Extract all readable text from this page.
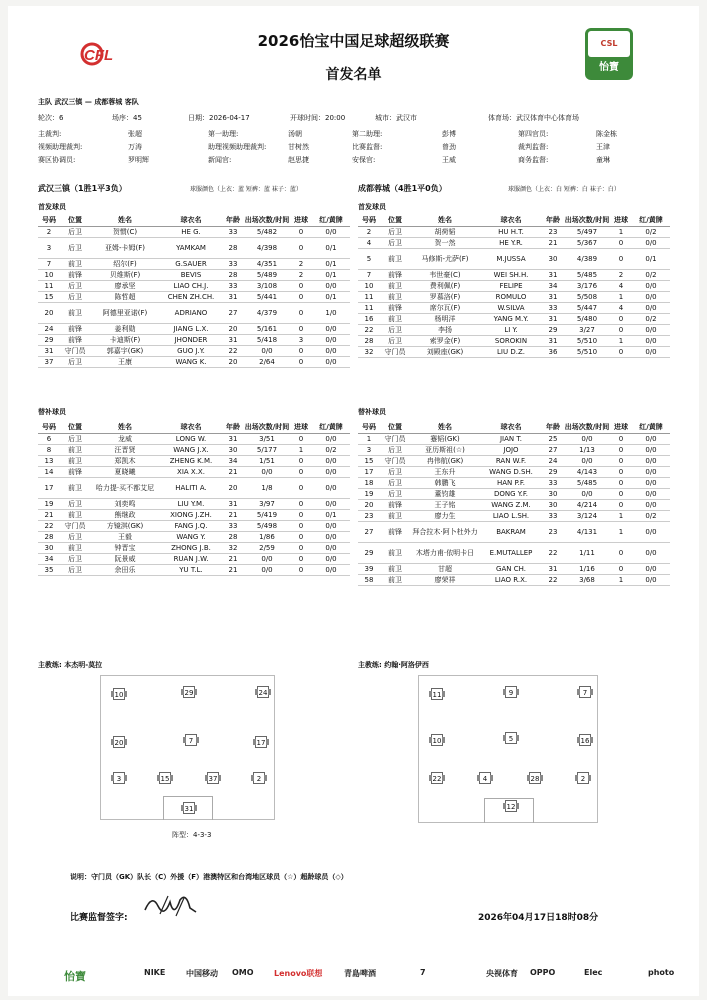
CFL
CSL
怡寶
2026怡宝中国足球超级联赛
首发名单
主队 武汉三镇 — 成都蓉城 客队
轮次：6	场序：45	日期：2026-04-17	开球时间：20:00	城市：武汉市	体育场：武汉体育中心体育场
主裁判:	张超	第一助理:	汤朝	第二助理:	彭博	第四官员:	陈金栋
视频助理裁判:	万涛	助理视频助理裁判:	甘树然	比赛监督:	曾劲	裁判监督:	王津
赛区协调员:	罗明辉	新闻官:	赵思捷	安保官:	王威	商务监督:	童琳
武汉三镇（1胜1平3负）	球服颜色（上衣：蓝 短裤：蓝 袜子：蓝）	成都蓉城（4胜1平0负）	球服颜色（上衣：白 短裤：白 袜子：白）
首发球员	首发球员
号码	位置	姓名	球衣名	年龄	出场次数/时间	进球	红/黄牌
2	后卫	贺惯(C)	HE G.	33	5/482	0	0/0
3	后卫	亚姆-卡姆(F)	YAMKAM	28	4/398	0	0/1
7	前卫	绍尔(F)	G.SAUER	33	4/351	2	0/1
10	前锋	贝维斯(F)	BEVIS	28	5/489	2	0/1
11	后卫	廖承坚	LIAO CH.J.	33	3/108	0	0/0
15	后卫	陈哲超	CHEN ZH.CH.	31	5/441	0	0/1
20	前卫	阿德里亚诺(F)	ADRIANO	27	4/379	0	1/0
24	前锋	姜利勋	JIANG L.X.	20	5/161	0	0/0
29	前锋	卡迪斯(F)	JHONDER	31	5/418	3	0/0
31	守门员	郭嘉宇(GK)	GUO J.Y.	22	0/0	0	0/0
37	后卫	王康	WANG K.	20	2/64	0	0/0
号码	位置	姓名	球衣名	年龄	出场次数/时间	进球	红/黄牌
2	后卫	胡荷韬	HU H.T.	23	5/497	1	0/2
4	后卫	贺一然	HE Y.R.	21	5/367	0	0/0
5	前卫	马修斯-尤萨(F)	M.JUSSA	30	4/389	0	0/1
7	前锋	韦世豪(C)	WEI SH.H.	31	5/485	2	0/2
10	前卫	费利佩(F)	FELIPE	34	3/176	4	0/0
11	前卫	罗慕洛(F)	ROMULO	31	5/508	1	0/0
11	前锋	席尔瓦(F)	W.SILVA	33	5/447	4	0/0
16	前卫	杨明洋	YANG M.Y.	31	5/480	0	0/2
22	后卫	李扬	LI Y.	29	3/27	0	0/0
28	后卫	索罗金(F)	SOROKIN	31	5/510	1	0/0
32	守门员	刘殿座(GK)	LIU D.Z.	36	5/510	0	0/0
替补球员	替补球员
号码	位置	姓名	球衣名	年龄	出场次数/时间	进球	红/黄牌
6	后卫	龙威	LONG W.	31	3/51	0	0/0
8	前卫	汪晋贤	WANG J.X.	30	5/177	1	0/2
13	前卫	郑凯木	ZHENG K.M.	34	1/51	0	0/0
14	前锋	夏晓曦	XIA X.X.	21	0/0	0	0/0
17	前卫	哈力提·买不都艾尼	HALITI A.	20	1/8	0	0/0
19	后卫	刘奕鸣	LIU Y.M.	31	3/97	0	0/0
21	前卫	熊继政	XIONG J.ZH.	21	5/419	0	0/1
22	守门员	方镜淇(GK)	FANG J.Q.	33	5/498	0	0/0
28	后卫	王毅	WANG Y.	28	1/86	0	0/0
30	前卫	钟晋宝	ZHONG J.B.	32	2/59	0	0/0
34	后卫	阮景威	RUAN J.W.	21	0/0	0	0/0
35	后卫	余田乐	YU T.L.	21	0/0	0	0/0
号码	位置	姓名	球衣名	年龄	出场次数/时间	进球	红/黄牌
1	守门员	蹇韬(GK)	JIAN T.	25	0/0	0	0/0
3	后卫	亚历斯祖(☆)	JOJO	27	1/13	0	0/0
15	守门员	冉伟航(GK)	RAN W.F.	24	0/0	0	0/0
17	后卫	王东升	WANG D.SH.	29	4/143	0	0/0
18	后卫	韩鹏飞	HAN P.F.	33	5/485	0	0/0
19	后卫	董钧雄	DONG Y.F.	30	0/0	0	0/0
20	前锋	王子铭	WANG Z.M.	30	4/214	0	0/0
23	前卫	廖力生	LIAO L.SH.	33	3/124	1	0/2
27	前锋	拜合拉木·阿卜杜外力	BAKRAM	23	4/131	1	0/0
29	前卫	木塔力甫·依明卡日	E.MUTALLEP	22	1/11	0	0/0
39	前卫	甘超	GAN CH.	31	1/16	0	0/0
58	前卫	廖荣祥	LIAO R.X.	22	3/68	1	0/0
主教练: 本杰明-莫拉	主教练: 约翰·阿洛伊西
10	29	24
20	7	17
3	15	37	2
31
阵型：4-3-3
11	9	7
10	5	16
22	4	28	2
12
说明：守门员（GK）队长（C）外援（F）港澳特区和台湾地区球员（☆）超龄球员（◇）
比赛监督签字:	2026年04月17日18时08分
怡寶	NIKE	中国移动 OMO	Lenovo联想	青島啤酒	7	央视体育 OPPO	Elec	photo
